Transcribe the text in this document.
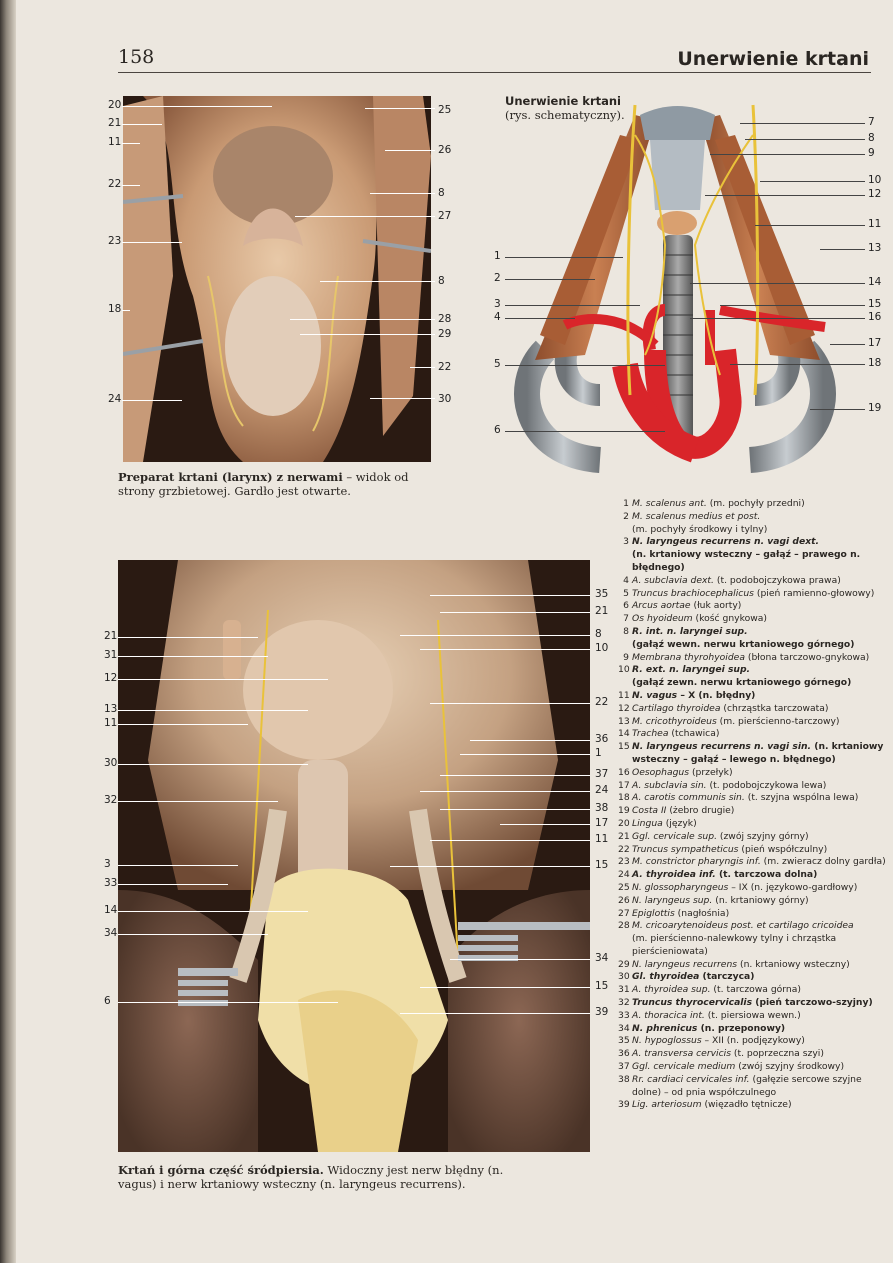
158	Unerwienie krtani
20
21
11
22
23
18
24
25
26
8
27
8
28
29
22
30
Preparat krtani (larynx) z nerwami – widok od strony grzbietowej. Gardło jest otwarte.
Unerwienie krtani
(rys. schematyczny).
1
2
3
4
5
6
7
8
9
10
12
11
13
14
15
16
17
18
19
21
31
12
13
11
30
32
3
33
14
34
6
35
21
8
10
22
36
1
37
24
38
17
11
15
34
15
39
Krtań i górna część śródpiersia. Widoczny jest nerw błędny (n. vagus) i nerw krtaniowy wsteczny (n. laryngeus recurrens).
1 M. scalenus ant. (m. pochyły przedni)
2 M. scalenus medius et post.
(m. pochyły środkowy i tylny)
3 N. laryngeus recurrens n. vagi dext.
(n. krtaniowy wsteczny – gałąź – prawego n. błędnego)
4 A. subclavia dext. (t. podobojczykowa prawa)
5 Truncus brachiocephalicus (pień ramienno-głowowy)
6 Arcus aortae (łuk aorty)
7 Os hyoideum (kość gnykowa)
8 R. int. n. laryngei sup.
(gałąź wewn. nerwu krtaniowego górnego)
9 Membrana thyrohyoidea (błona tarczowo-gnykowa)
10 R. ext. n. laryngei sup.
(gałąź zewn. nerwu krtaniowego górnego)
11 N. vagus – X (n. błędny)
12 Cartilago thyroidea (chrząstka tarczowata)
13 M. cricothyroideus (m. pierścienno-tarczowy)
14 Trachea (tchawica)
15 N. laryngeus recurrens n. vagi sin. (n. krtaniowy wsteczny – gałąź – lewego n. błędnego)
16 Oesophagus (przełyk)
17 A. subclavia sin. (t. podobojczykowa lewa)
18 A. carotis communis sin. (t. szyjna wspólna lewa)
19 Costa II (żebro drugie)
20 Lingua (język)
21 Ggl. cervicale sup. (zwój szyjny górny)
22 Truncus sympatheticus (pień współczulny)
23 M. constrictor pharyngis inf. (m. zwieracz dolny gardła)
24 A. thyroidea inf. (t. tarczowa dolna)
25 N. glossopharyngeus – IX (n. językowo-gardłowy)
26 N. laryngeus sup. (n. krtaniowy górny)
27 Epiglottis (nagłośnia)
28 M. cricoarytenoideus post. et cartilago cricoidea
(m. pierścienno-nalewkowy tylny i chrząstka pierścieniowata)
29 N. laryngeus recurrens (n. krtaniowy wsteczny)
30 Gl. thyroidea (tarczyca)
31 A. thyroidea sup. (t. tarczowa górna)
32 Truncus thyrocervicalis (pień tarczowo-szyjny)
33 A. thoracica int. (t. piersiowa wewn.)
34 N. phrenicus (n. przeponowy)
35 N. hypoglossus – XII (n. podjęzykowy)
36 A. transversa cervicis (t. poprzeczna szyi)
37 Ggl. cervicale medium (zwój szyjny środkowy)
38 Rr. cardiaci cervicales inf. (gałęzie sercowe szyjne dolne) – od pnia współczulnego
39 Lig. arteriosum (więzadło tętnicze)
